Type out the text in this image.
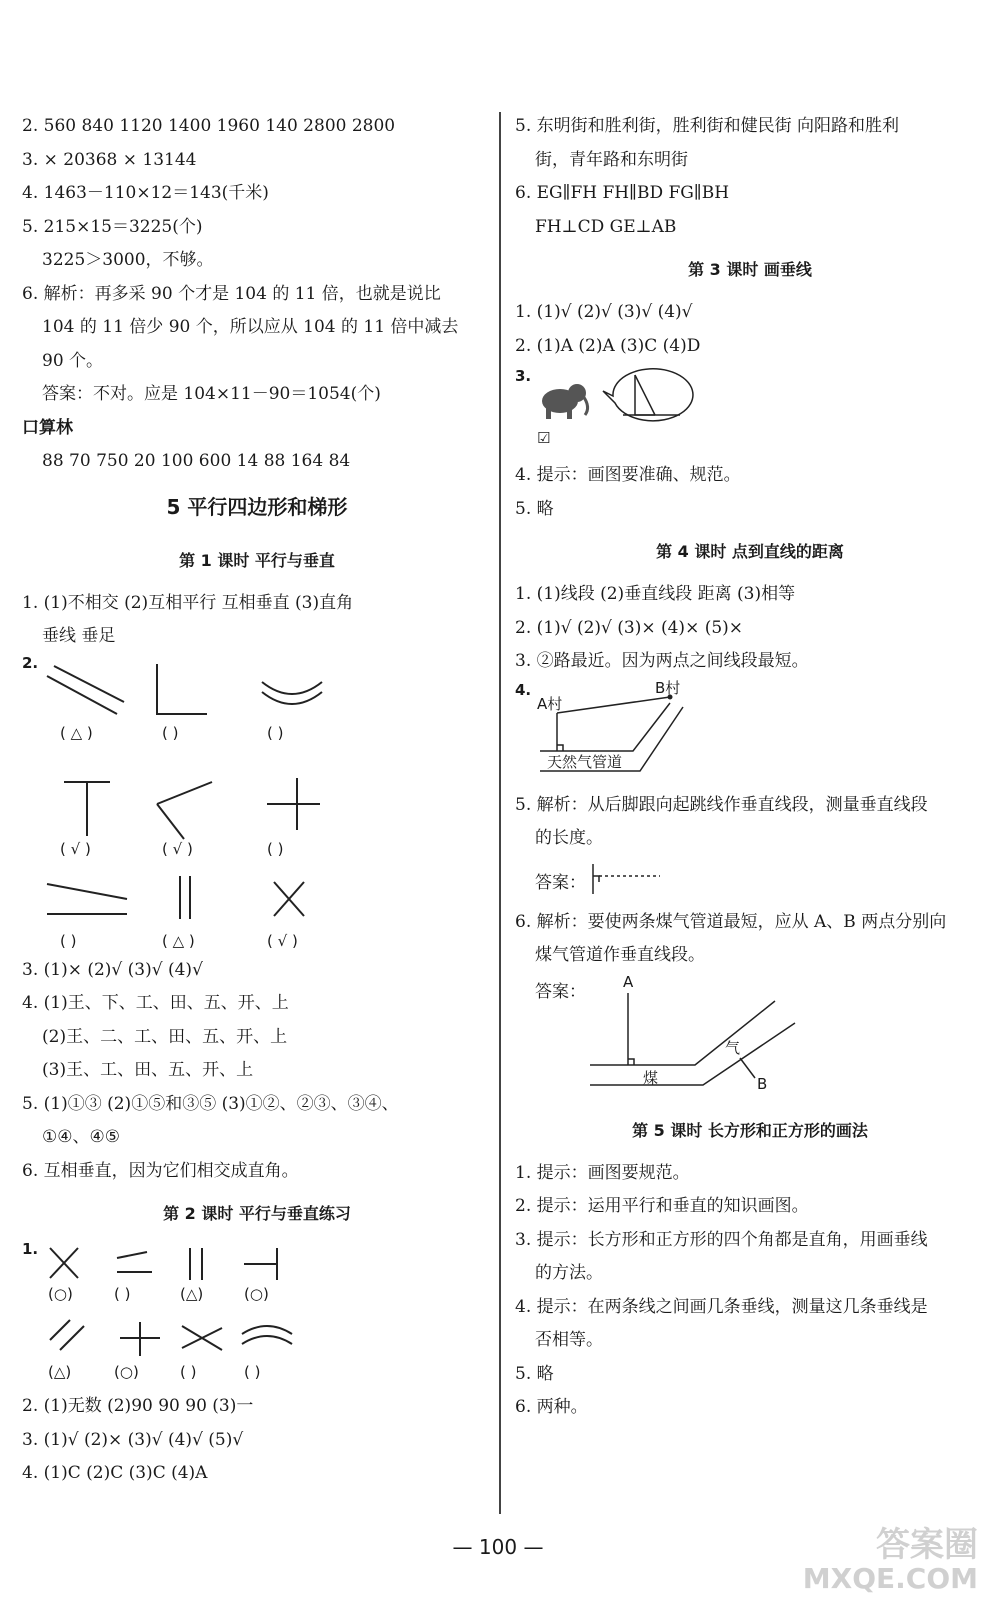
2. 560 840 1120 1400 1960 140 2800 2800
3. × 20368 × 13144
4. 1463－110×12＝143(千米)
5. 215×15＝3225(个)
3225＞3000，不够。
6. 解析：再多采 90 个才是 104 的 11 倍，也就是说比
104 的 11 倍少 90 个，所以应从 104 的 11 倍中减去
90 个。
答案：不对。应是 104×11－90＝1054(个)
口算林
88 70 750 20 100 600 14 88 164 84
5 平行四边形和梯形
第 1 课时 平行与垂直
1. (1)不相交 (2)互相平行 互相垂直 (3)直角
垂线 垂足
2.
( △ )	( )	( )
( √ )	( √ )	( )
( )	( △ )	( √ )
3. (1)× (2)√ (3)√ (4)√
4. (1)王、下、工、田、五、开、上
(2)王、二、工、田、五、开、上
(3)王、工、田、五、开、上
5. (1)①③ (2)①⑤和③⑤ (3)①②、②③、③④、
①④、④⑤
6. 互相垂直，因为它们相交成直角。
第 2 课时 平行与垂直练习
1.
(○)	( )	(△)	(○)
(△)	(○)	( )	( )
2. (1)无数 (2)90 90 90 (3)一
3. (1)√ (2)× (3)√ (4)√ (5)√
4. (1)C (2)C (3)C (4)A
5. 东明街和胜利街，胜利街和健民街 向阳路和胜利
街，青年路和东明街
6. EG∥FH FH∥BD FG∥BH
FH⊥CD GE⊥AB
第 3 课时 画垂线
1. (1)√ (2)√ (3)√ (4)√
2. (1)A (2)A (3)C (4)D
3.
☑
4. 提示：画图要准确、规范。
5. 略
第 4 课时 点到直线的距离
1. (1)线段 (2)垂直线段 距离 (3)相等
2. (1)√ (2)√ (3)× (4)× (5)×
3. ②路最近。因为两点之间线段最短。
4.
A村
B村
天然气管道
5. 解析：从后脚跟向起跳线作垂直线段，测量垂直线段
的长度。
答案：
6. 解析：要使两条煤气管道最短，应从 A、B 两点分别向
煤气管道作垂直线段。
答案： A
B
煤
气
第 5 课时 长方形和正方形的画法
1. 提示：画图要规范。
2. 提示：运用平行和垂直的知识画图。
3. 提示：长方形和正方形的四个角都是直角，用画垂线
的方法。
4. 提示：在两条线之间画几条垂线，测量这几条垂线是
否相等。
5. 略
6. 两种。
— 100 —	答案圈
MXQE.COM
